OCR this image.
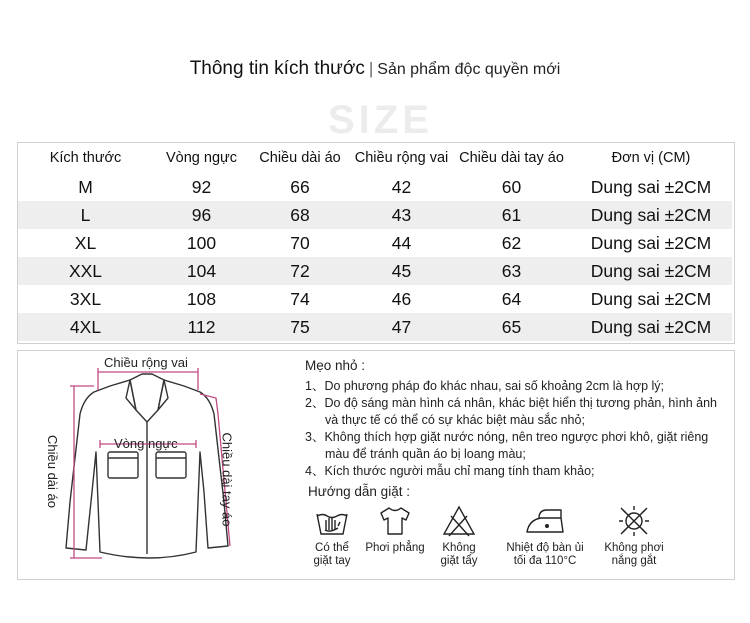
SIZE
Thông tin kích thước | Sản phẩm độc quyền mới
Kích thước	Vòng ngực	Chiều dài áo	Chiều rộng vai	Chiều dài tay áo	Đơn vị (CM)
M	92	66	42	60	Dung sai ±2CM
L	96	68	43	61	Dung sai ±2CM
XL	100	70	44	62	Dung sai ±2CM
XXL	104	72	45	63	Dung sai ±2CM
3XL	108	74	46	64	Dung sai ±2CM
4XL	112	75	47	65	Dung sai ±2CM
Chiều rộng vai
Vòng ngực
Chiều dài áo	Chiều dài tay áo
Mẹo nhỏ :
1、Do phương pháp đo khác nhau, sai số khoảng 2cm là hợp lý;
2、Do độ sáng màn hình cá nhân, khác biệt hiển thị tương phản, hình ảnh
và thực tế có thể có sự khác biệt màu sắc nhỏ;
3、Không thích hợp giặt nước nóng, nên treo ngược phơi khô, giặt riêng
màu để tránh quần áo bị loang màu;
4、Kích thước người mẫu chỉ mang tính tham khảo;
Hướng dẫn giặt :
Có thể
giặt tay
Phơi phẳng	Không
giặt tẩy
Nhiệt độ bàn ủi
tối đa 110°C
Không phơi
nắng gắt
